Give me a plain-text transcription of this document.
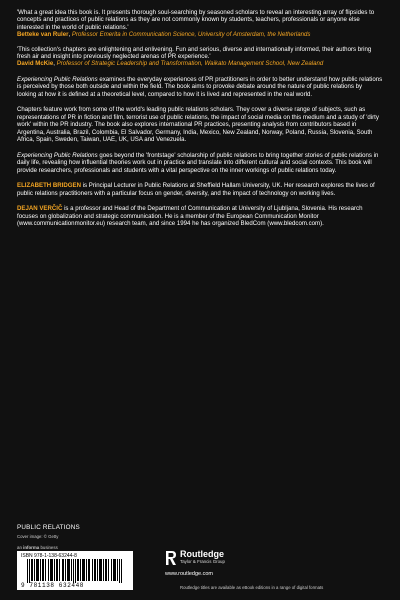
'What a great idea this book is. It presents thorough soul-searching by seasoned scholars to reveal an interesting array of flipsides to concepts and practices of public relations as they are not commonly known by students, teachers, professionals or anyone else interested in the world of public relations.'

Betteke van Ruler, Professor Emerita in Communication Science, University of Amsterdam, the Netherlands

'This collection's chapters are enlightening and enlivening. Fun and serious, diverse and internationally informed, their authors bring fresh air and insight into previously neglected arenas of PR experience.'

David McKie, Professor of Strategic Leadership and Transformation, Waikato Management School, New Zealand

Experiencing Public Relations examines the everyday experiences of PR practitioners in order to better understand how public relations is perceived by those both outside and within the field. The book aims to provoke debate around the nature of public relations by looking at how it is defined at a theoretical level, compared to how it is lived and represented in the real world.

Chapters feature work from some of the world's leading public relations scholars. They cover a diverse range of subjects, such as representations of PR in fiction and film, terrorist use of public relations, the impact of social media on this medium and a study of 'dirty work' within the PR industry. The book also explores international PR practices, presenting analysis from contributors based in Argentina, Australia, Brazil, Colombia, El Salvador, Germany, India, Mexico, New Zealand, Norway, Poland, Russia, Slovenia, South Africa, Spain, Sweden, Taiwan, UAE, UK, USA and Venezuela.

Experiencing Public Relations goes beyond the 'frontstage' scholarship of public relations to bring together stories of public relations in daily life, revealing how influential theories work out in practice and translate into different cultural and social contexts. This book will provide researchers, professionals and students with a vital perspective on the inner workings of public relations today.

ELIZABETH BRIDGEN is Principal Lecturer in Public Relations at Sheffield Hallam University, UK. Her research explores the lives of public relations practitioners with a particular focus on gender, diversity, and the impact of technology on working lives.

DEJAN VERČIČ is a professor and Head of the Department of Communication at University of Ljubljana, Slovenia. His research focuses on globalization and strategic communication. He is a member of the European Communication Monitor (www.communicationmonitor.eu) research team, and since 1994 he has organized BledCom (www.bledcom.com).

PUBLIC RELATIONS
Cover image: © Getty
an informa business

ISBN 978-1-138-63244-8

9 781138 632448
Routledge
Taylor & Francis Group
www.routledge.com
Routledge titles are available as eBook editions in a range of digital formats
